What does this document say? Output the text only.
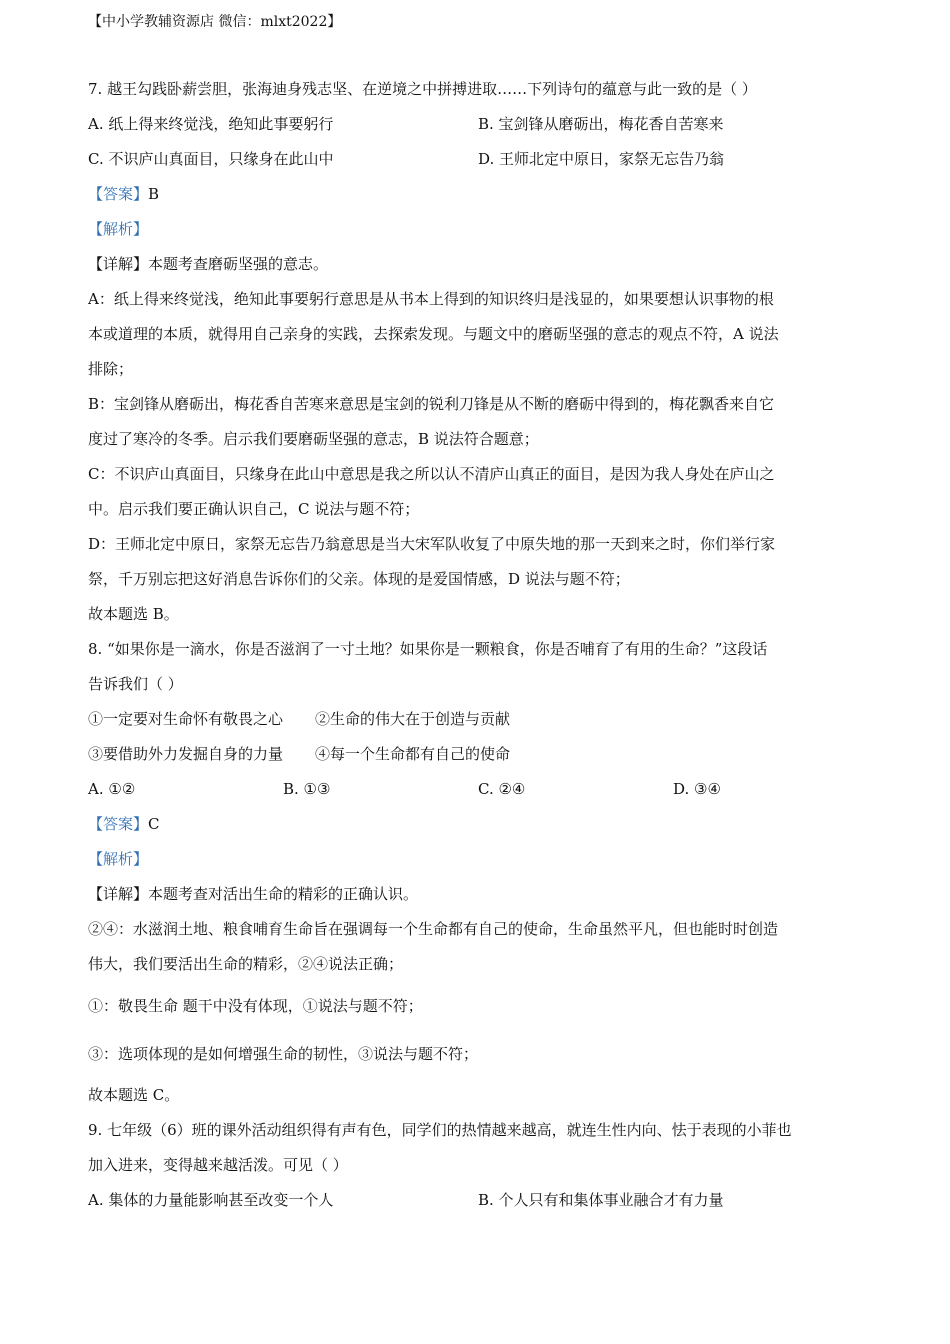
【中小学教辅资源店 微信：mlxt2022】
7. 越王勾践卧薪尝胆，张海迪身残志坚、在逆境之中拼搏进取……下列诗句的蕴意与此一致的是（ ）
A. 纸上得来终觉浅，绝知此事要躬行	B. 宝剑锋从磨砺出，梅花香自苦寒来
C. 不识庐山真面目，只缘身在此山中	D. 王师北定中原日，家祭无忘告乃翁
【答案】B
【解析】
【详解】本题考查磨砺坚强的意志。
A：纸上得来终觉浅，绝知此事要躬行意思是从书本上得到的知识终归是浅显的，如果要想认识事物的根
本或道理的本质，就得用自己亲身的实践，去探索发现。与题文中的磨砺坚强的意志的观点不符，A 说法
排除；
B：宝剑锋从磨砺出，梅花香自苦寒来意思是宝剑的锐利刀锋是从不断的磨砺中得到的，梅花飘香来自它
度过了寒冷的冬季。启示我们要磨砺坚强的意志，B 说法符合题意；
C：不识庐山真面目，只缘身在此山中意思是我之所以认不清庐山真正的面目，是因为我人身处在庐山之
中。启示我们要正确认识自己，C 说法与题不符；
D：王师北定中原日，家祭无忘告乃翁意思是当大宋军队收复了中原失地的那一天到来之时，你们举行家
祭，千万别忘把这好消息告诉你们的父亲。体现的是爱国情感，D 说法与题不符；
故本题选 B。
8. “如果你是一滴水，你是否滋润了一寸土地？如果你是一颗粮食，你是否哺育了有用的生命？”这段话
告诉我们（ ）
①一定要对生命怀有敬畏之心 ②生命的伟大在于创造与贡献
③要借助外力发掘自身的力量 ④每一个生命都有自己的使命
A. ①②	B. ①③	C. ②④	D. ③④
【答案】C
【解析】
【详解】本题考查对活出生命的精彩的正确认识。
②④：水滋润土地、粮食哺育生命旨在强调每一个生命都有自己的使命，生命虽然平凡，但也能时时创造
伟大，我们要活出生命的精彩，②④说法正确；
①：敬畏生命 题干中没有体现，①说法与题不符；
③：选项体现的是如何增强生命的韧性，③说法与题不符；
故本题选 C。
9. 七年级（6）班的课外活动组织得有声有色，同学们的热情越来越高，就连生性内向、怯于表现的小菲也
加入进来，变得越来越活泼。可见（ ）
A. 集体的力量能影响甚至改变一个人	B. 个人只有和集体事业融合才有力量
